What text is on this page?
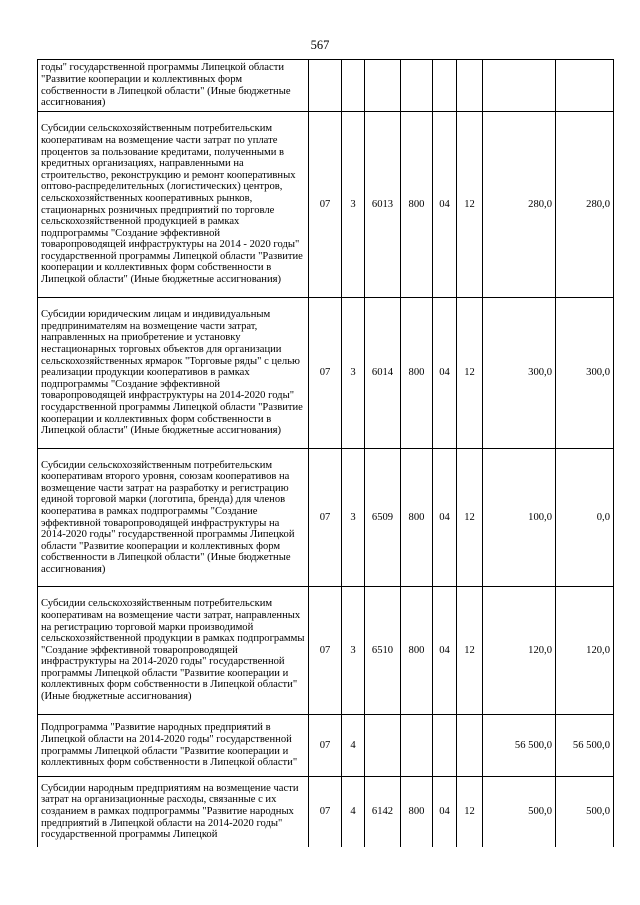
567
годы" государственной программы Липецкой области "Развитие кооперации и коллективных форм собственности в Липецкой области" (Иные бюджетные ассигнования)								
Субсидии сельскохозяйственным потребительским кооперативам на возмещение части затрат по уплате процентов за пользование кредитами, полученными в кредитных организациях, направленными на строительство, реконструкцию и ремонт кооперативных оптово-распределительных (логистических) центров, сельскохозяйственных кооперативных рынков, стационарных розничных предприятий по торговле сельскохозяйственной продукцией в рамках подпрограммы "Создание эффективной товаропроводящей инфраструктуры на 2014 - 2020 годы" государственной программы Липецкой области "Развитие кооперации и коллективных форм собственности в Липецкой области" (Иные бюджетные ассигнования)	07	3	6013	800	04	12	280,0	280,0
Субсидии юридическим лицам и индивидуальным предпринимателям на возмещение части затрат, направленных на приобретение и установку нестационарных торговых объектов для организации сельскохозяйственных ярмарок "Торговые ряды" с целью реализации продукции кооперативов в рамках подпрограммы "Создание эффективной товаропроводящей инфраструктуры на 2014-2020 годы" государственной программы Липецкой области "Развитие кооперации и коллективных форм собственности в Липецкой области" (Иные бюджетные ассигнования)	07	3	6014	800	04	12	300,0	300,0
Субсидии сельскохозяйственным потребительским кооперативам второго уровня, союзам кооперативов на возмещение части затрат на разработку и регистрацию единой торговой марки (логотипа, бренда) для членов кооператива в рамках подпрограммы "Создание эффективной товаропроводящей инфраструктуры на 2014-2020 годы" государственной программы Липецкой области "Развитие кооперации и коллективных форм собственности в Липецкой области" (Иные бюджетные ассигнования)	07	3	6509	800	04	12	100,0	0,0
Субсидии сельскохозяйственным потребительским кооперативам на возмещение части затрат, направленных на регистрацию торговой марки производимой сельскохозяйственной продукции в рамках подпрограммы "Создание эффективной товаропроводящей инфраструктуры на 2014-2020 годы" государственной программы Липецкой области "Развитие кооперации и коллективных форм собственности в Липецкой области" (Иные бюджетные ассигнования)	07	3	6510	800	04	12	120,0	120,0
Подпрограмма "Развитие народных предприятий в Липецкой области на 2014-2020 годы" государственной программы Липецкой области "Развитие кооперации и коллективных форм собственности в Липецкой области"	07	4					56 500,0	56 500,0
Субсидии народным предприятиям на возмещение части затрат на организационные расходы, связанные с их созданием в рамках подпрограммы "Развитие народных предприятий в Липецкой области на 2014-2020 годы" государственной программы Липецкой	07	4	6142	800	04	12	500,0	500,0
